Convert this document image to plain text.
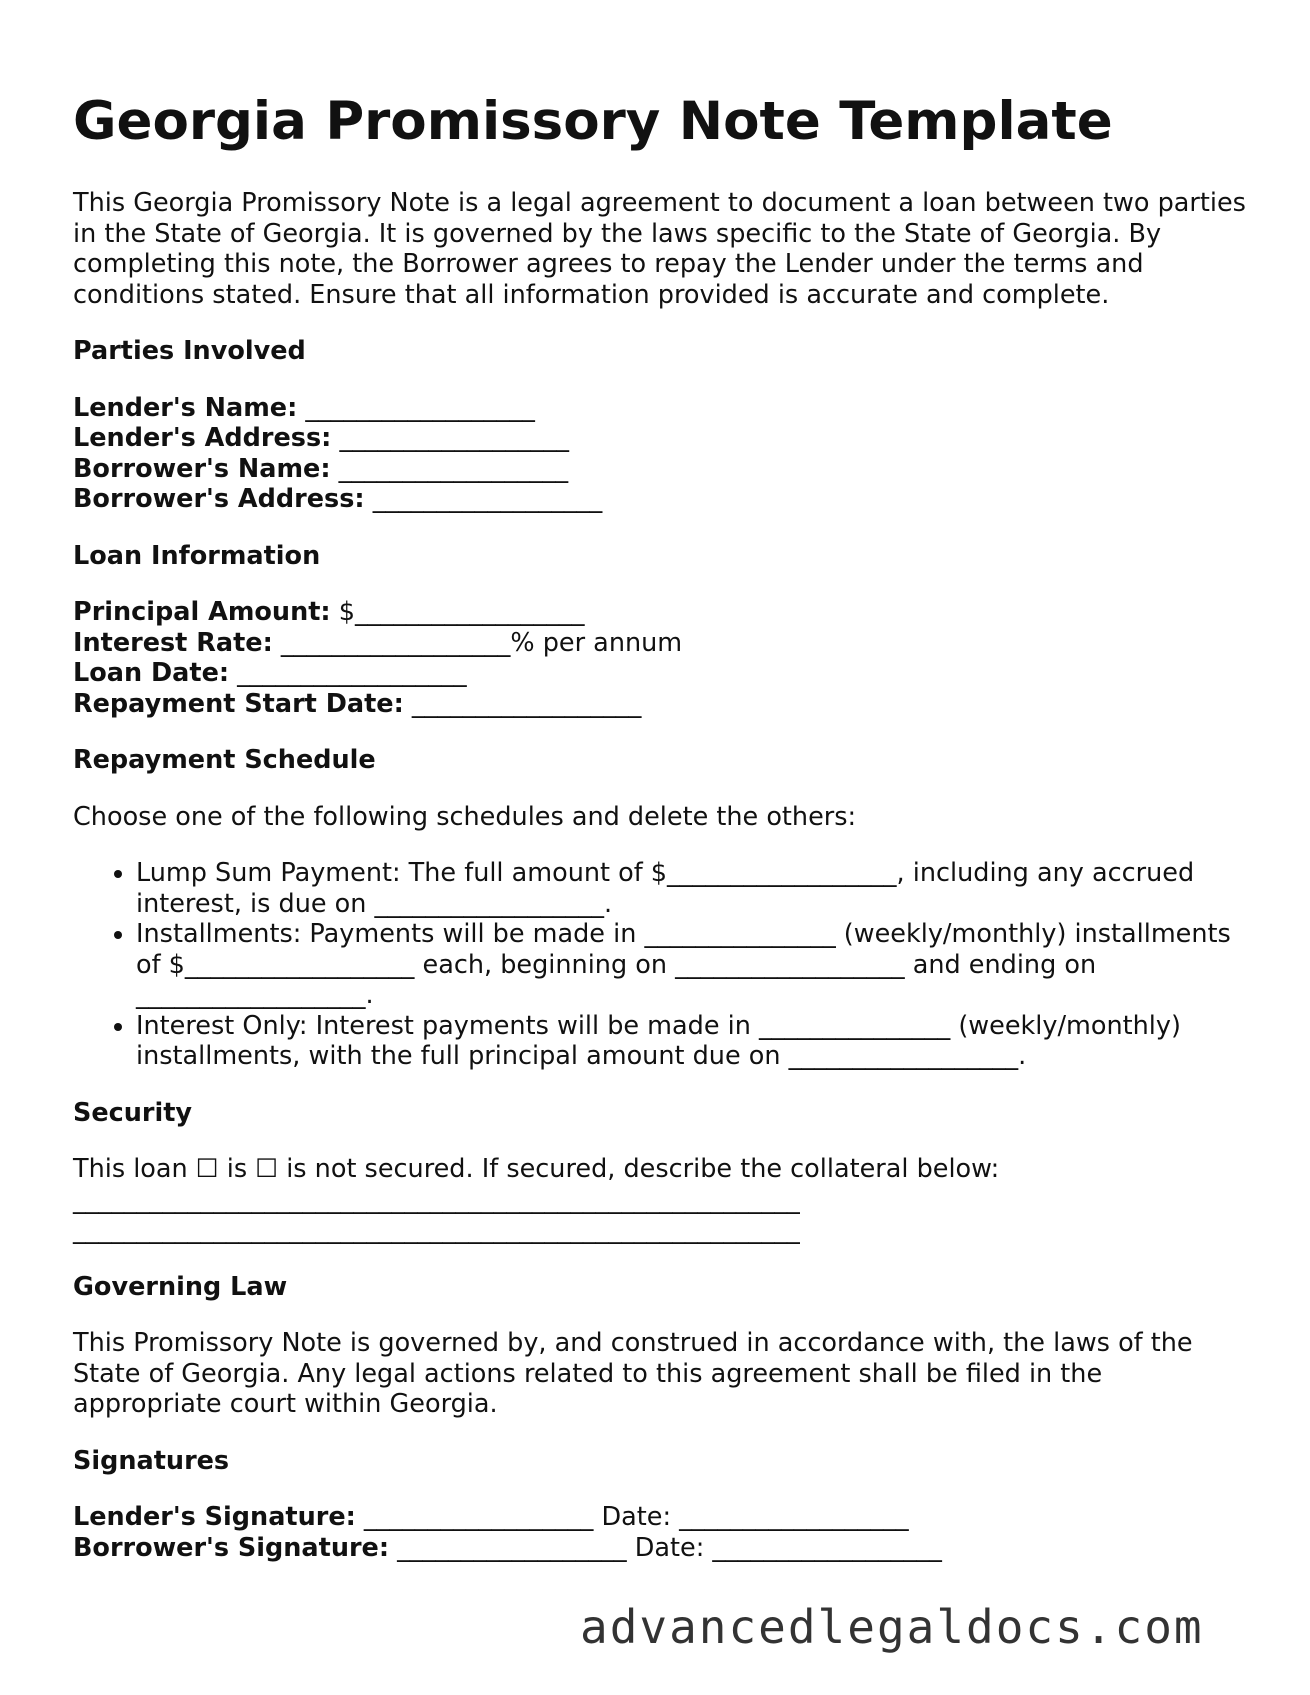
Georgia Promissory Note Template

This Georgia Promissory Note is a legal agreement to document a loan between two parties in the State of Georgia. It is governed by the laws specific to the State of Georgia. By completing this note, the Borrower agrees to repay the Lender under the terms and conditions stated. Ensure that all information provided is accurate and complete.

Parties Involved
Lender's Name: __________________
Lender's Address: __________________
Borrower's Name: __________________
Borrower's Address: __________________
Loan Information
Principal Amount: $__________________
Interest Rate: __________________% per annum
Loan Date: __________________
Repayment Start Date: __________________
Repayment Schedule

Choose one of the following schedules and delete the others:

• Lump Sum Payment: The full amount of $__________________, including any accrued interest, is due on __________________.
• Installments: Payments will be made in _______________ (weekly/monthly) installments of $__________________ each, beginning on __________________ and ending on __________________.
• Interest Only: Interest payments will be made in _______________ (weekly/monthly) installments, with the full principal amount due on __________________.
Security
This loan ☐ is ☐ is not secured. If secured, describe the collateral below:
_________________________________________________________
_________________________________________________________
Governing Law

This Promissory Note is governed by, and construed in accordance with, the laws of the State of Georgia. Any legal actions related to this agreement shall be filed in the appropriate court within Georgia.

Signatures
Lender's Signature: __________________ Date: __________________
Borrower's Signature: __________________ Date: __________________
advancedlegaldocs.com
